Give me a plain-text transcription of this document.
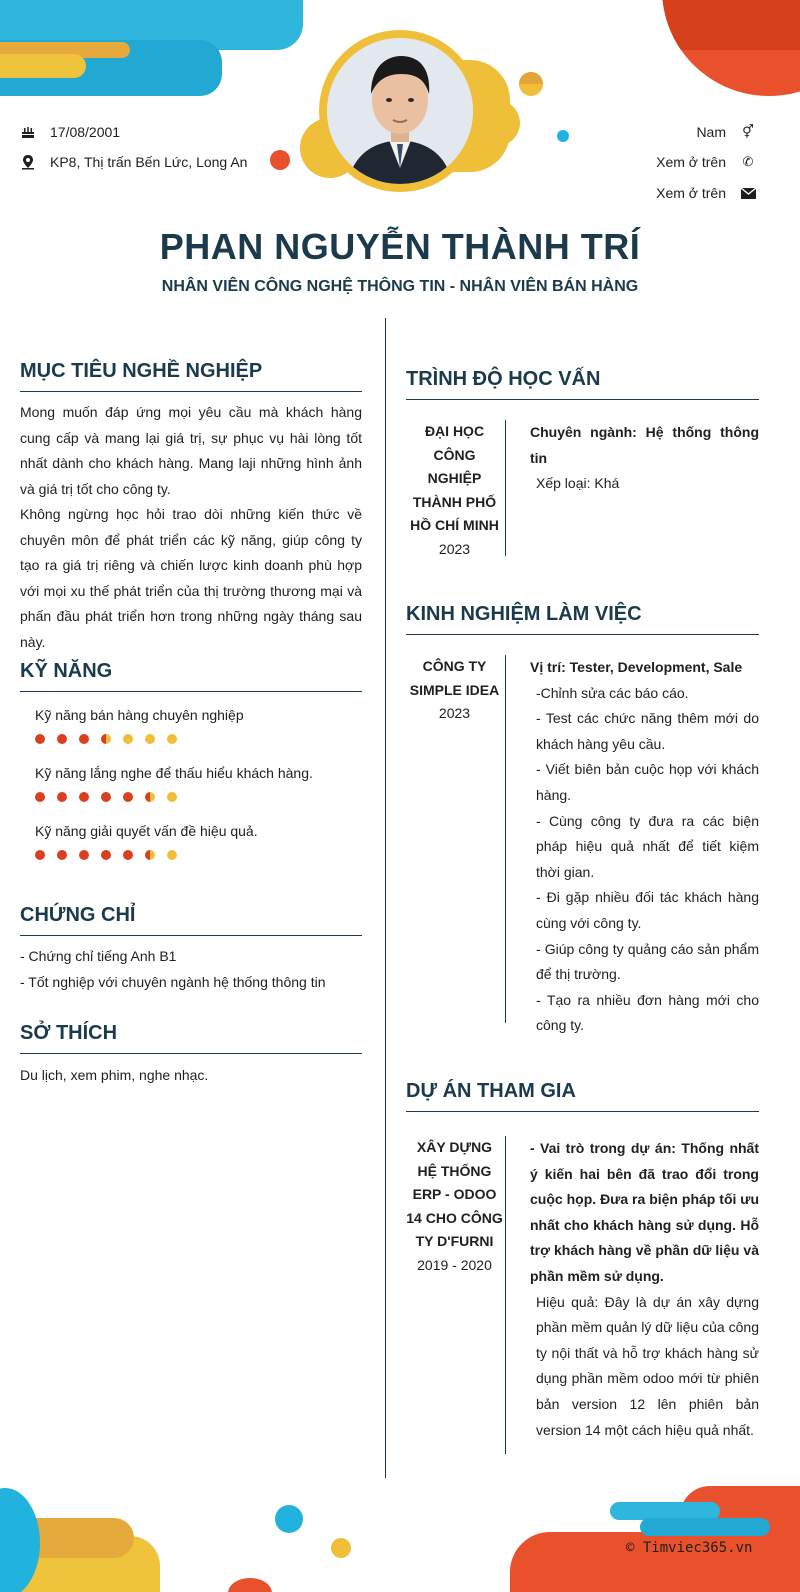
17/08/2001
KP8, Thị trấn Bến Lức, Long An
Nam ⚥
Xem ở trên ✆
Xem ở trên
PHAN NGUYỄN THÀNH TRÍ
NHÂN VIÊN CÔNG NGHỆ THÔNG TIN - NHÂN VIÊN BÁN HÀNG
MỤC TIÊU NGHỀ NGHIỆP
Mong muốn đáp ứng mọi yêu cầu mà khách hàng cung cấp và mang lại giá trị, sự phục vụ hài lòng tốt nhất dành cho khách hàng. Mang laji những hình ảnh và giá trị tốt cho công ty.
Không ngừng học hỏi trao dòi những kiến thức về chuyên môn để phát triển các kỹ năng, giúp công ty tạo ra giá trị riêng và chiến lược kinh doanh phù hợp với mọi xu thế phát triển của thị trường thương mại và phấn đầu phát triển hơn trong những ngày tháng sau này.
KỸ NĂNG
Kỹ năng bán hàng chuyên nghiệp
Kỹ năng lắng nghe để thấu hiểu khách hàng.
Kỹ năng giải quyết vấn đề hiệu quả.
CHỨNG CHỈ
- Chứng chỉ tiếng Anh B1
- Tốt nghiệp với chuyên ngành hệ thống thông tin
SỞ THÍCH
Du lịch, xem phim, nghe nhạc.
TRÌNH ĐỘ HỌC VẤN
ĐẠI HỌC CÔNG NGHIỆP THÀNH PHỐ HỒ CHÍ MINH
2023
Chuyên ngành: Hệ thống thông tin
Xếp loại: Khá
KINH NGHIỆM LÀM VIỆC
CÔNG TY SIMPLE IDEA
2023
Vị trí: Tester, Development, Sale
-Chỉnh sửa các báo cáo.
- Test các chức năng thêm mới do khách hàng yêu cầu.
- Viết biên bản cuộc họp với khách hàng.
- Cùng công ty đưa ra các biện pháp hiệu quả nhất để tiết kiệm thời gian.
- Đi gặp nhiều đối tác khách hàng cùng với công ty.
- Giúp công ty quảng cáo sản phẩm để thị trường.
- Tạo ra nhiều đơn hàng mới cho công ty.
DỰ ÁN THAM GIA
XÂY DỰNG HỆ THỐNG ERP - ODOO 14 CHO CÔNG TY D'FURNI
2019 - 2020
- Vai trò trong dự án: Thống nhất ý kiến hai bên đã trao đổi trong cuộc họp. Đưa ra biện pháp tối ưu nhất cho khách hàng sử dụng. Hỗ trợ khách hàng về phần dữ liệu và phần mềm sử dụng.
Hiệu quả: Đây là dự án xây dựng phần mềm quản lý dữ liệu của công ty nội thất và hỗ trợ khách hàng sử dụng phần mềm odoo mới từ phiên bản version 12 lên phiên bản version 14 một cách hiệu quả nhất.
© Timviec365.vn
